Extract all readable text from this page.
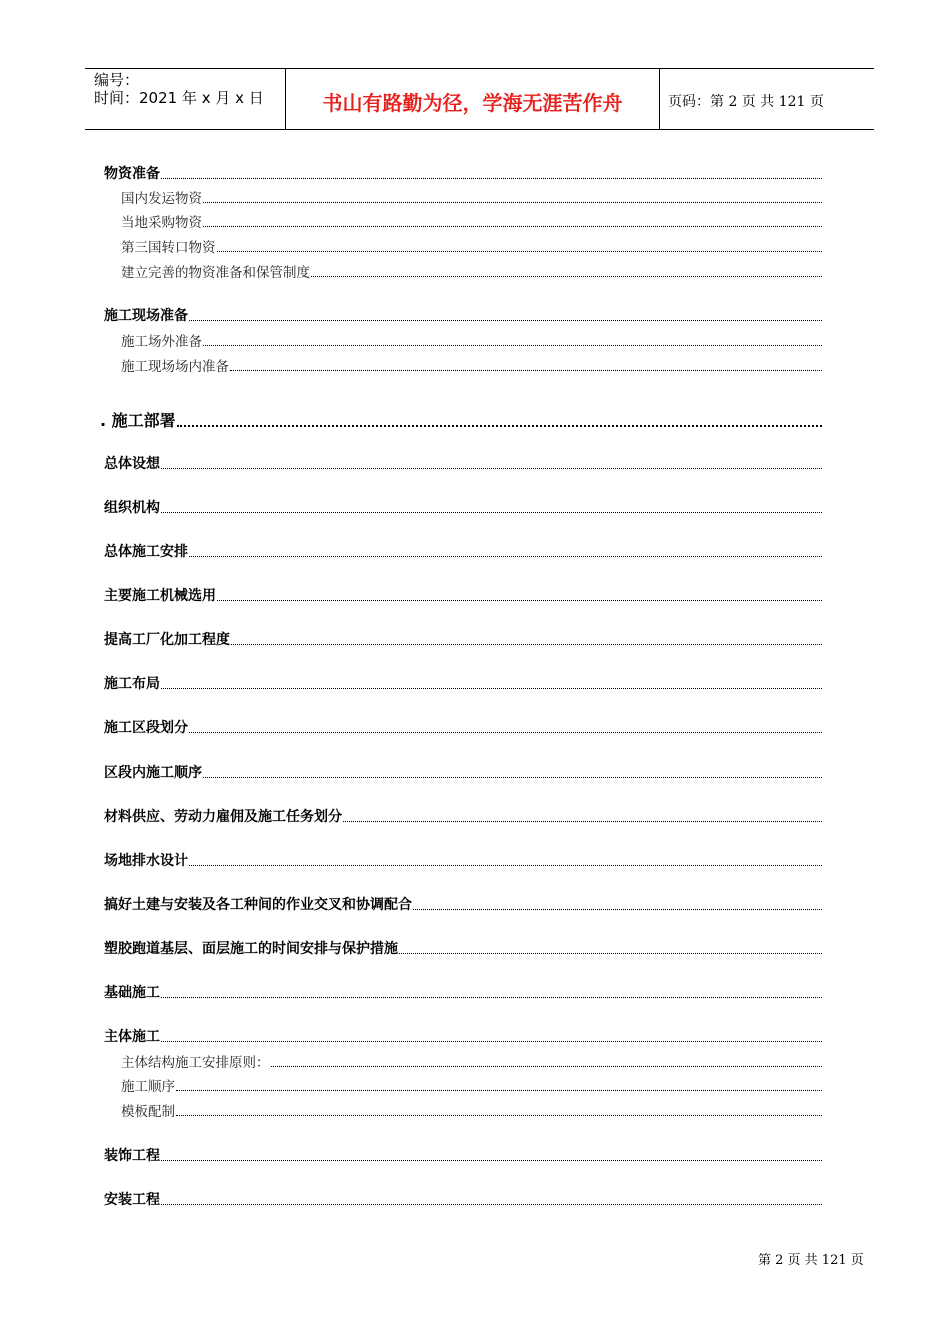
编号：
时间：2021 年 x 月 x 日	书山有路勤为径，学海无涯苦作舟	页码：第 2 页 共 121 页
物资准备
国内发运物资
当地采购物资
第三国转口物资
建立完善的物资准备和保管制度
施工现场准备
施工场外准备
施工现场场内准备
. 施工部署
总体设想
组织机构
总体施工安排
主要施工机械选用
提高工厂化加工程度
施工布局
施工区段划分
区段内施工顺序
材料供应、劳动力雇佣及施工任务划分
场地排水设计
搞好土建与安装及各工种间的作业交叉和协调配合
塑胶跑道基层、面层施工的时间安排与保护措施
基础施工
主体施工
主体结构施工安排原则：
施工顺序
模板配制
装饰工程
安装工程
第 2 页 共 121 页
